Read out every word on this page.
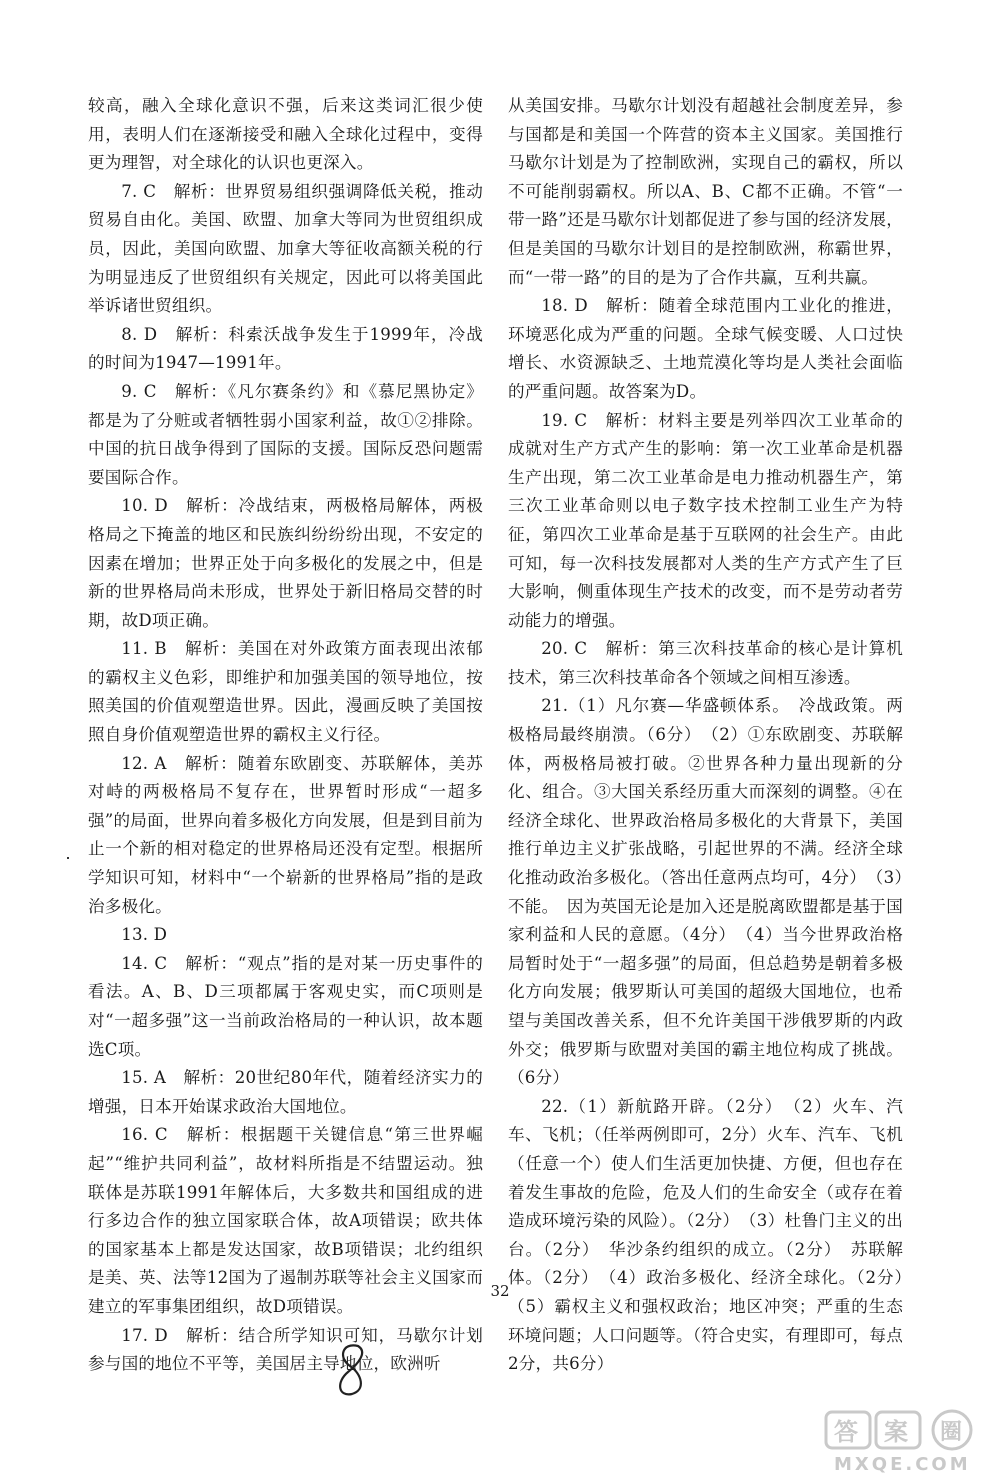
较高，融入全球化意识不强，后来这类词汇很少使用，表明人们在逐渐接受和融入全球化过程中，变得更为理智，对全球化的认识也更深入。

7. C　解析：世界贸易组织强调降低关税，推动贸易自由化。美国、欧盟、加拿大等同为世贸组织成员，因此，美国向欧盟、加拿大等征收高额关税的行为明显违反了世贸组织有关规定，因此可以将美国此举诉诸世贸组织。

8. D　解析：科索沃战争发生于1999年，冷战的时间为1947—1991年。

9. C　解析：《凡尔赛条约》和《慕尼黑协定》都是为了分赃或者牺牲弱小国家利益，故①②排除。中国的抗日战争得到了国际的支援。国际反恐问题需要国际合作。

10. D　解析：冷战结束，两极格局解体，两极格局之下掩盖的地区和民族纠纷纷纷出现，不安定的因素在增加；世界正处于向多极化的发展之中，但是新的世界格局尚未形成，世界处于新旧格局交替的时期，故D项正确。

11. B　解析：美国在对外政策方面表现出浓郁的霸权主义色彩，即维护和加强美国的领导地位，按照美国的价值观塑造世界。因此，漫画反映了美国按照自身价值观塑造世界的霸权主义行径。

12. A　解析：随着东欧剧变、苏联解体，美苏对峙的两极格局不复存在，世界暂时形成“一超多强”的局面，世界向着多极化方向发展，但是到目前为止一个新的相对稳定的世界格局还没有定型。根据所学知识可知，材料中“一个崭新的世界格局”指的是政治多极化。

13. D

14. C　解析：“观点”指的是对某一历史事件的看法。A、B、D三项都属于客观史实，而C项则是对“一超多强”这一当前政治格局的一种认识，故本题选C项。

15. A　解析：20世纪80年代，随着经济实力的增强，日本开始谋求政治大国地位。

16. C　解析：根据题干关键信息“第三世界崛起”“维护共同利益”，故材料所指是不结盟运动。独联体是苏联1991年解体后，大多数共和国组成的进行多边合作的独立国家联合体，故A项错误；欧共体的国家基本上都是发达国家，故B项错误；北约组织是美、英、法等12国为了遏制苏联等社会主义国家而建立的军事集团组织，故D项错误。

17. D　解析：结合所学知识可知，马歇尔计划参与国的地位不平等，美国居主导地位，欧洲听

从美国安排。马歇尔计划没有超越社会制度差异，参与国都是和美国一个阵营的资本主义国家。美国推行马歇尔计划是为了控制欧洲，实现自己的霸权，所以不可能削弱霸权。所以A、B、C都不正确。不管“一带一路”还是马歇尔计划都促进了参与国的经济发展，但是美国的马歇尔计划目的是控制欧洲，称霸世界，而“一带一路”的目的是为了合作共赢，互利共赢。

18. D　解析：随着全球范围内工业化的推进，环境恶化成为严重的问题。全球气候变暖、人口过快增长、水资源缺乏、土地荒漠化等均是人类社会面临的严重问题。故答案为D。

19. C　解析：材料主要是列举四次工业革命的成就对生产方式产生的影响：第一次工业革命是机器生产出现，第二次工业革命是电力推动机器生产，第三次工业革命则以电子数字技术控制工业生产为特征，第四次工业革命是基于互联网的社会生产。由此可知，每一次科技发展都对人类的生产方式产生了巨大影响，侧重体现生产技术的改变，而不是劳动者劳动能力的增强。

20. C　解析：第三次科技革命的核心是计算机技术，第三次科技革命各个领域之间相互渗透。

21.（1）凡尔赛—华盛顿体系。　冷战政策。两极格局最终崩溃。（6分）　（2）①东欧剧变、苏联解体，两极格局被打破。②世界各种力量出现新的分化、组合。③大国关系经历重大而深刻的调整。④在经济全球化、世界政治格局多极化的大背景下，美国推行单边主义扩张战略，引起世界的不满。经济全球化推动政治多极化。（答出任意两点均可，4分）　（3）不能。　因为英国无论是加入还是脱离欧盟都是基于国家利益和人民的意愿。（4分）　（4）当今世界政治格局暂时处于“一超多强”的局面，但总趋势是朝着多极化方向发展；俄罗斯认可美国的超级大国地位，也希望与美国改善关系，但不允许美国干涉俄罗斯的内政外交；俄罗斯与欧盟对美国的霸主地位构成了挑战。（6分）

22.（1）新航路开辟。（2分）　（2）火车、汽车、飞机；（任举两例即可，2分）火车、汽车、飞机（任意一个）使人们生活更加快捷、方便，但也存在着发生事故的危险，危及人们的生命安全（或存在着造成环境污染的风险）。（2分）　（3）杜鲁门主义的出台。（2分）　华沙条约组织的成立。（2分）　苏联解体。（2分）　（4）政治多极化、经济全球化。（2分）　（5）霸权主义和强权政治；地区冲突；严重的生态环境问题；人口问题等。（符合史实，有理即可，每点2分，共6分）

32
答 案 圈
MXQE.COM
